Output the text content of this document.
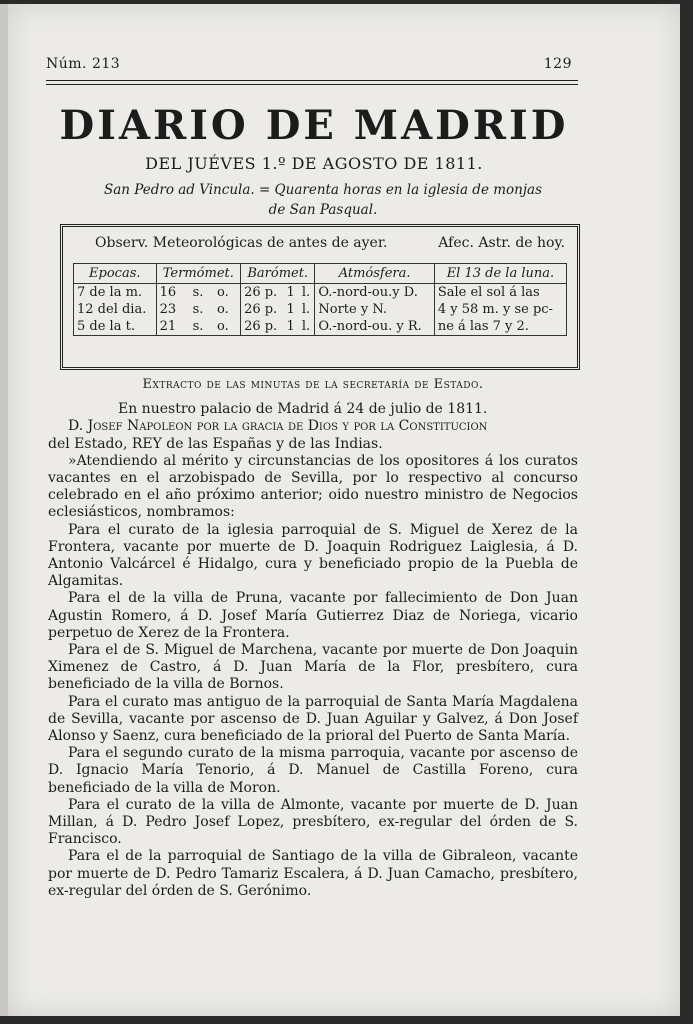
Núm. 213	129
DIARIO DE MADRID
DEL JUÉVES 1.º DE AGOSTO DE 1811.
San Pedro ad Vincula. = Quarenta horas en la iglesia de monjas
de San Pasqual.
Observ. Meteorológicas de antes de ayer.	Afec. Astr. de hoy.
Epocas.	Termómet.			Barómet.			Atmósfera.	El 13 de la luna.
7 de la m.	16	s.	o.	26 p.	1	l.	O.-nord-ou.y D.	Sale el sol á las
12 del dia.	23	s.	o.	26 p.	1	l.	Norte y N.	4 y 58 m. y se pc-
5 de la t.	21	s.	o.	26 p.	1	l.	O.-nord-ou. y R.	ne á las 7 y 2.
Extracto de las minutas de la secretaría de Estado.

En nuestro palacio de Madrid á 24 de julio de 1811.

D. Josef Napoleon por la gracia de Dios y por la Constitucion
del Estado, REY de las Españas y de las Indias.

»Atendiendo al mérito y circunstancias de los opositores á los curatos vacantes en el arzobispado de Sevilla, por lo respectivo al concurso celebrado en el año próximo anterior; oido nuestro ministro de Negocios eclesiásticos, nombramos:

Para el curato de la iglesia parroquial de S. Miguel de Xerez de la Frontera, vacante por muerte de D. Joaquin Rodriguez Laiglesia, á D. Antonio Valcárcel é Hidalgo, cura y beneficiado propio de la Puebla de Algamitas.

Para el de la villa de Pruna, vacante por fallecimiento de Don Juan Agustin Romero, á D. Josef María Gutierrez Diaz de Noriega, vicario perpetuo de Xerez de la Frontera.

Para el de S. Miguel de Marchena, vacante por muerte de Don Joaquin Ximenez de Castro, á D. Juan María de la Flor, presbítero, cura beneficiado de la villa de Bornos.

Para el curato mas antiguo de la parroquial de Santa María Magdalena de Sevilla, vacante por ascenso de D. Juan Aguilar y Galvez, á Don Josef Alonso y Saenz, cura beneficiado de la prioral del Puerto de Santa María.

Para el segundo curato de la misma parroquia, vacante por ascenso de D. Ignacio María Tenorio, á D. Manuel de Castilla Foreno, cura beneficiado de la villa de Moron.

Para el curato de la villa de Almonte, vacante por muerte de D. Juan Millan, á D. Pedro Josef Lopez, presbítero, ex-regular del órden de S. Francisco.

Para el de la parroquial de Santiago de la villa de Gibraleon, vacante por muerte de D. Pedro Tamariz Escalera, á D. Juan Camacho, presbítero, ex-regular del órden de S. Gerónimo.
